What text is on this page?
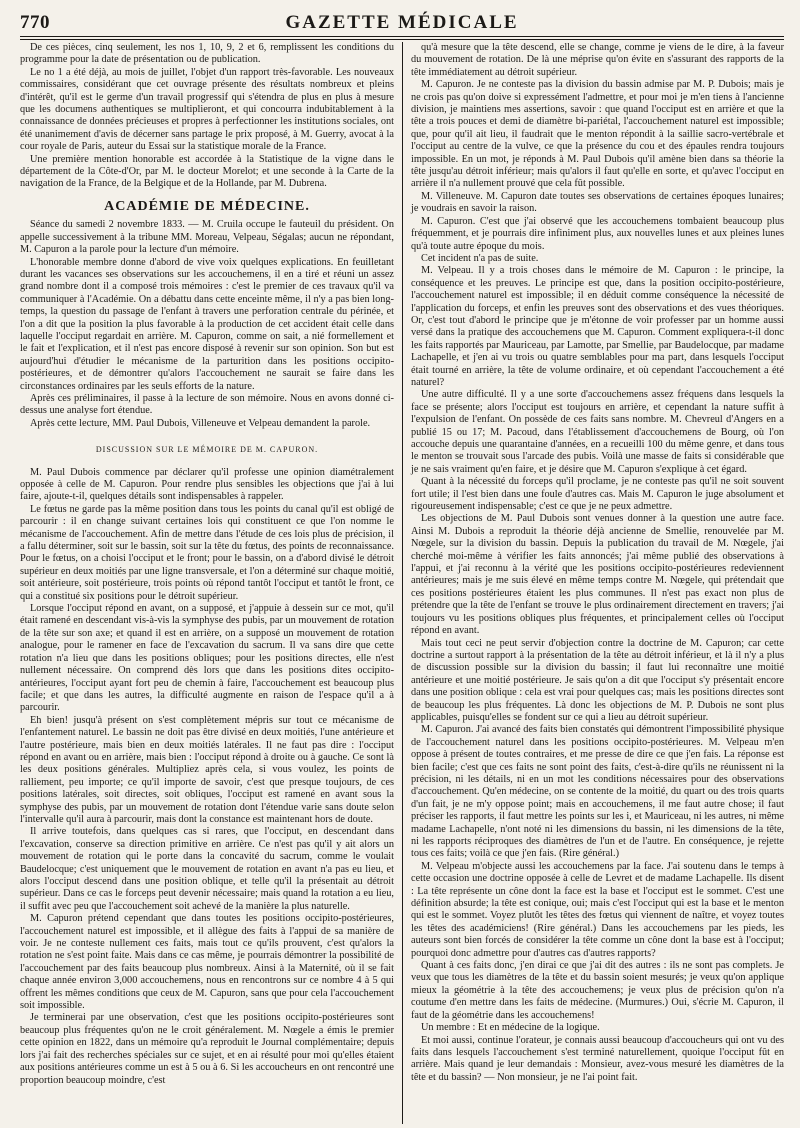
770	GAZETTE MÉDICALE

De ces pièces, cinq seulement, les nos 1, 10, 9, 2 et 6, remplissent les conditions du programme pour la date de présentation ou de publication.

Le no 1 a été déjà, au mois de juillet, l'objet d'un rapport très-favorable. Les nouveaux commissaires, considérant que cet ouvrage présente des résultats nombreux et pleins d'intérêt, qu'il est le germe d'un travail progressif qui s'étendra de plus en plus à mesure que les documens authentiques se multiplieront, et qui concourra indubitablement à la connaissance de données précieuses et propres à perfectionner les institutions sociales, ont été unanimement d'avis de décerner sans partage le prix proposé, à M. Guerry, avocat à la cour royale de Paris, auteur du Essai sur la statistique morale de la France.

Une première mention honorable est accordée à la Statistique de la vigne dans le département de la Côte-d'Or, par M. le docteur Morelot; et une seconde à la Carte de la navigation de la France, de la Belgique et de la Hollande, par M. Dubrena.

ACADÉMIE DE MÉDECINE.

Séance du samedi 2 novembre 1833. — M. Cruila occupe le fauteuil du président. On appelle successivement à la tribune MM. Moreau, Velpeau, Ségalas; aucun ne répondant, M. Capuron a la parole pour la lecture d'un mémoire.

L'honorable membre donne d'abord de vive voix quelques explications. En feuilletant durant les vacances ses observations sur les accouchemens, il en a tiré et réuni un assez grand nombre dont il a composé trois mémoires : c'est le premier de ces travaux qu'il va communiquer à l'Académie. On a débattu dans cette enceinte même, il n'y a pas bien long-temps, la question du passage de l'enfant à travers une perforation centrale du périnée, et l'on a dit que la position la plus favorable à la production de cet accident était celle dans laquelle l'occiput regardait en arrière. M. Capuron, comme on sait, a nié formellement et le fait et l'explication, et il n'est pas encore disposé à revenir sur son opinion. Son but est aujourd'hui d'étudier le mécanisme de la parturition dans les positions occipito-postérieures, et de démontrer qu'alors l'accouchement ne saurait se faire dans les circonstances ordinaires par les seuls efforts de la nature.

Après ces préliminaires, il passe à la lecture de son mémoire. Nous en avons donné ci-dessus une analyse fort étendue.

Après cette lecture, MM. Paul Dubois, Villeneuve et Velpeau demandent la parole.

DISCUSSION SUR LE MÉMOIRE DE M. CAPURON.

M. Paul Dubois commence par déclarer qu'il professe une opinion diamétralement opposée à celle de M. Capuron. Pour rendre plus sensibles les objections que j'ai à lui faire, ajoute-t-il, quelques détails sont indispensables à rappeler.

Le fœtus ne garde pas la même position dans tous les points du canal qu'il est obligé de parcourir : il en change suivant certaines lois qui constituent ce que l'on nomme le mécanisme de l'accouchement. Afin de mettre dans l'étude de ces lois plus de précision, il a fallu déterminer, soit sur le bassin, soit sur la tête du fœtus, des points de reconnaissance. Pour le fœtus, on a choisi l'occiput et le front; pour le bassin, on a d'abord divisé le détroit supérieur en deux moitiés par une ligne transversale, et l'on a déterminé sur chaque moitié, soit antérieure, soit postérieure, trois points où répond tantôt l'occiput et tantôt le front, ce qui a constitué six positions pour le détroit supérieur.

Lorsque l'occiput répond en avant, on a supposé, et j'appuie à dessein sur ce mot, qu'il était ramené en descendant vis-à-vis la symphyse des pubis, par un mouvement de rotation de la tête sur son axe; et quand il est en arrière, on a supposé un mouvement de rotation analogue, pour le ramener en face de l'excavation du sacrum. Il va sans dire que cette rotation n'a lieu que dans les positions obliques; pour les positions directes, elle n'est nullement nécessaire. On comprend dès lors que dans les positions dites occipito-antérieures, l'occiput ayant fort peu de chemin à faire, l'accouchement est beaucoup plus facile; et que dans les autres, la difficulté augmente en raison de l'espace qu'il a à parcourir.

Eh bien! jusqu'à présent on s'est complètement mépris sur tout ce mécanisme de l'enfantement naturel. Le bassin ne doit pas être divisé en deux moitiés, l'une antérieure et l'autre postérieure, mais bien en deux moitiés latérales. Il ne faut pas dire : l'occiput répond en avant ou en arrière, mais bien : l'occiput répond à droite ou à gauche. Ce sont là les deux positions générales. Multipliez après cela, si vous voulez, les points de ralliement, peu importe; ce qu'il importe de savoir, c'est que presque toujours, de ces positions latérales, soit directes, soit obliques, l'occiput est ramené en avant sous la symphyse des pubis, par un mouvement de rotation dont l'étendue varie sans doute selon l'intervalle qu'il aura à parcourir, mais dont la constance est maintenant hors de doute.

Il arrive toutefois, dans quelques cas si rares, que l'occiput, en descendant dans l'excavation, conserve sa direction primitive en arrière. Ce n'est pas qu'il y ait alors un mouvement de rotation qui le porte dans la concavité du sacrum, comme le voulait Baudelocque; c'est uniquement que le mouvement de rotation en avant n'a pas eu lieu, et alors l'occiput descend dans une position oblique, et telle qu'il la présentait au détroit supérieur. Dans ce cas le forceps peut devenir nécessaire; mais quand la rotation a eu lieu, il suffit avec peu que l'accouchement soit achevé de la manière la plus naturelle.

M. Capuron prétend cependant que dans toutes les positions occipito-postérieures, l'accouchement naturel est impossible, et il allègue des faits à l'appui de sa manière de voir. Je ne conteste nullement ces faits, mais tout ce qu'ils prouvent, c'est qu'alors la rotation ne s'est point faite. Mais dans ce cas même, je pourrais démontrer la possibilité de l'accouchement par des faits beaucoup plus nombreux. Ainsi à la Maternité, où il se fait chaque année environ 3,000 accouchemens, nous en rencontrons sur ce nombre 4 à 5 qui offrent les mêmes conditions que ceux de M. Capuron, sans que pour cela l'accouchement soit impossible.

Je terminerai par une observation, c'est que les positions occipito-postérieures sont beaucoup plus fréquentes qu'on ne le croit généralement. M. Nœgele a émis le premier cette opinion en 1822, dans un mémoire qu'a reproduit le Journal complémentaire; depuis lors j'ai fait des recherches spéciales sur ce sujet, et en ai résulté pour moi qu'elles étaient aux positions antérieures comme un est à 5 ou à 6. Si les accoucheurs en ont rencontré une proportion beaucoup moindre, c'est

qu'à mesure que la tête descend, elle se change, comme je viens de le dire, à la faveur du mouvement de rotation. De là une méprise qu'on évite en s'assurant des rapports de la tête immédiatement au détroit supérieur.

M. Capuron. Je ne conteste pas la division du bassin admise par M. P. Dubois; mais je ne crois pas qu'on doive si expressément l'admettre, et pour moi je m'en tiens à l'ancienne division, je maintiens mes assertions, savoir : que quand l'occiput est en arrière et que la tête a trois pouces et demi de diamètre bi-pariétal, l'accouchement naturel est impossible; que, pour qu'il ait lieu, il faudrait que le menton répondit à la saillie sacro-vertébrale et l'occiput au centre de la vulve, ce que la présence du cou et des épaules rendra toujours impossible. En un mot, je réponds à M. Paul Dubois qu'il amène bien dans sa théorie la tête jusqu'au détroit inférieur; mais qu'alors il faut qu'elle en sorte, et qu'avec l'occiput en arrière il n'a nullement prouvé que cela fût possible.

M. Villeneuve. M. Capuron date toutes ses observations de certaines époques lunaires; je voudrais en savoir la raison.

M. Capuron. C'est que j'ai observé que les accouchemens tombaient beaucoup plus fréquemment, et je pourrais dire infiniment plus, aux nouvelles lunes et aux pleines lunes qu'à toute autre époque du mois.

Cet incident n'a pas de suite.

M. Velpeau. Il y a trois choses dans le mémoire de M. Capuron : le principe, la conséquence et les preuves. Le principe est que, dans la position occipito-postérieure, l'accouchement naturel est impossible; il en déduit comme conséquence la nécessité de l'application du forceps, et enfin les preuves sont des observations et des vues théoriques. Or, c'est tout d'abord le principe que je m'étonne de voir professer par un homme aussi versé dans la pratique des accouchemens que M. Capuron. Comment expliquera-t-il donc les faits rapportés par Mauriceau, par Lamotte, par Smellie, par Baudelocque, par madame Lachapelle, et j'en ai vu trois ou quatre semblables pour ma part, dans lesquels l'occiput était tourné en arrière, la tête de volume ordinaire, et où cependant l'accouchement a été naturel?

Une autre difficulté. Il y a une sorte d'accouchemens assez fréquens dans lesquels la face se présente; alors l'occiput est toujours en arrière, et cependant la nature suffit à l'expulsion de l'enfant. On possède de ces faits sans nombre. M. Chevreul d'Angers en a publié 15 ou 17; M. Pacoud, dans l'établissement d'accouchemens de Bourg, où l'on accouche depuis une quarantaine d'années, en a recueilli 100 du même genre, et dans tous le menton se trouvait sous l'arcade des pubis. Voilà une masse de faits si considérable que je ne sais vraiment qu'en faire, et je désire que M. Capuron s'explique à cet égard.

Quant à la nécessité du forceps qu'il proclame, je ne conteste pas qu'il ne soit souvent fort utile; il l'est bien dans une foule d'autres cas. Mais M. Capuron le juge absolument et rigoureusement indispensable; c'est ce que je ne peux admettre.

Les objections de M. Paul Dubois sont venues donner à la question une autre face. Ainsi M. Dubois a reproduit la théorie déjà ancienne de Smellie, renouvelée par M. Nœgele, sur la division du bassin. Depuis la publication du travail de M. Nœgele, j'ai cherché moi-même à vérifier les faits annoncés; j'ai même publié des observations à l'appui, et j'ai reconnu à la vérité que les positions occipito-postérieures redeviennent antérieures; mais je me suis élevé en même temps contre M. Nœgele, qui prétendait que ces positions postérieures étaient les plus communes. Il n'est pas exact non plus de prétendre que la tête de l'enfant se trouve le plus ordinairement directement en travers; j'ai toujours vu les positions obliques plus fréquentes, et principalement celles où l'occiput répond en avant.

Mais tout ceci ne peut servir d'objection contre la doctrine de M. Capuron; car cette doctrine a surtout rapport à la présentation de la tête au détroit inférieur, et là il n'y a plus de discussion possible sur la division du bassin; il faut lui reconnaître une moitié antérieure et une moitié postérieure. Je sais qu'on a dit que l'occiput s'y présentait encore dans une position oblique : cela est vrai pour quelques cas; mais les positions directes sont de beaucoup les plus fréquentes. Là donc les objections de M. P. Dubois ne sont plus applicables, puisqu'elles se fondent sur ce qui a lieu au détroit supérieur.

M. Capuron. J'ai avancé des faits bien constatés qui démontrent l'impossibilité physique de l'accouchement naturel dans les positions occipito-postérieures. M. Velpeau m'en oppose à présent de toutes contraires, et me presse de dire ce que j'en fais. La réponse est bien facile; c'est que ces faits ne sont point des faits, c'est-à-dire qu'ils ne réunissent ni la précision, ni les détails, ni en un mot les conditions nécessaires pour des observations d'accouchement. Qu'en médecine, on se contente de la moitié, du quart ou des trois quarts d'un fait, je ne m'y oppose point; mais en accouchemens, il me faut autre chose; il faut préciser les rapports, il faut mettre les points sur les i, et Mauriceau, ni les autres, ni même madame Lachapelle, n'ont noté ni les dimensions du bassin, ni les dimensions de la tête, ni les rapports réciproques des diamètres de l'un et de l'autre. En conséquence, je rejette tous ces faits; voilà ce que j'en fais. (Rire général.)

M. Velpeau m'objecte aussi les accouchemens par la face. J'ai soutenu dans le temps à cette occasion une doctrine opposée à celle de Levret et de madame Lachapelle. Ils disent : La tête représente un cône dont la face est la base et l'occiput est le sommet. C'est une définition absurde; la tête est conique, oui; mais c'est l'occiput qui est la base et le menton qui est le sommet. Voyez plutôt les têtes des fœtus qui viennent de naître, et voyez toutes les têtes des académiciens! (Rire général.) Dans les accouchemens par les pieds, les auteurs sont bien forcés de considérer la tête comme un cône dont la base est à l'occiput; pourquoi donc admettre pour d'autres cas d'autres rapports?

Quant à ces faits donc, j'en dirai ce que j'ai dit des autres : ils ne sont pas complets. Je veux que tous les diamètres de la tête et du bassin soient mesurés; je veux qu'on applique mieux la géométrie à la tête des accouchemens; je veux plus de précision qu'on n'a coutume d'en mettre dans les faits de médecine. (Murmures.) Oui, s'écrie M. Capuron, il faut de la géométrie dans les accouchemens!

Un membre : Et en médecine de la logique.

Et moi aussi, continue l'orateur, je connais aussi beaucoup d'accoucheurs qui ont vu des faits dans lesquels l'accouchement s'est terminé naturellement, quoique l'occiput fût en arrière. Mais quand je leur demandais : Monsieur, avez-vous mesuré les diamètres de la tête et du bassin? — Non monsieur, je ne l'ai point fait.
